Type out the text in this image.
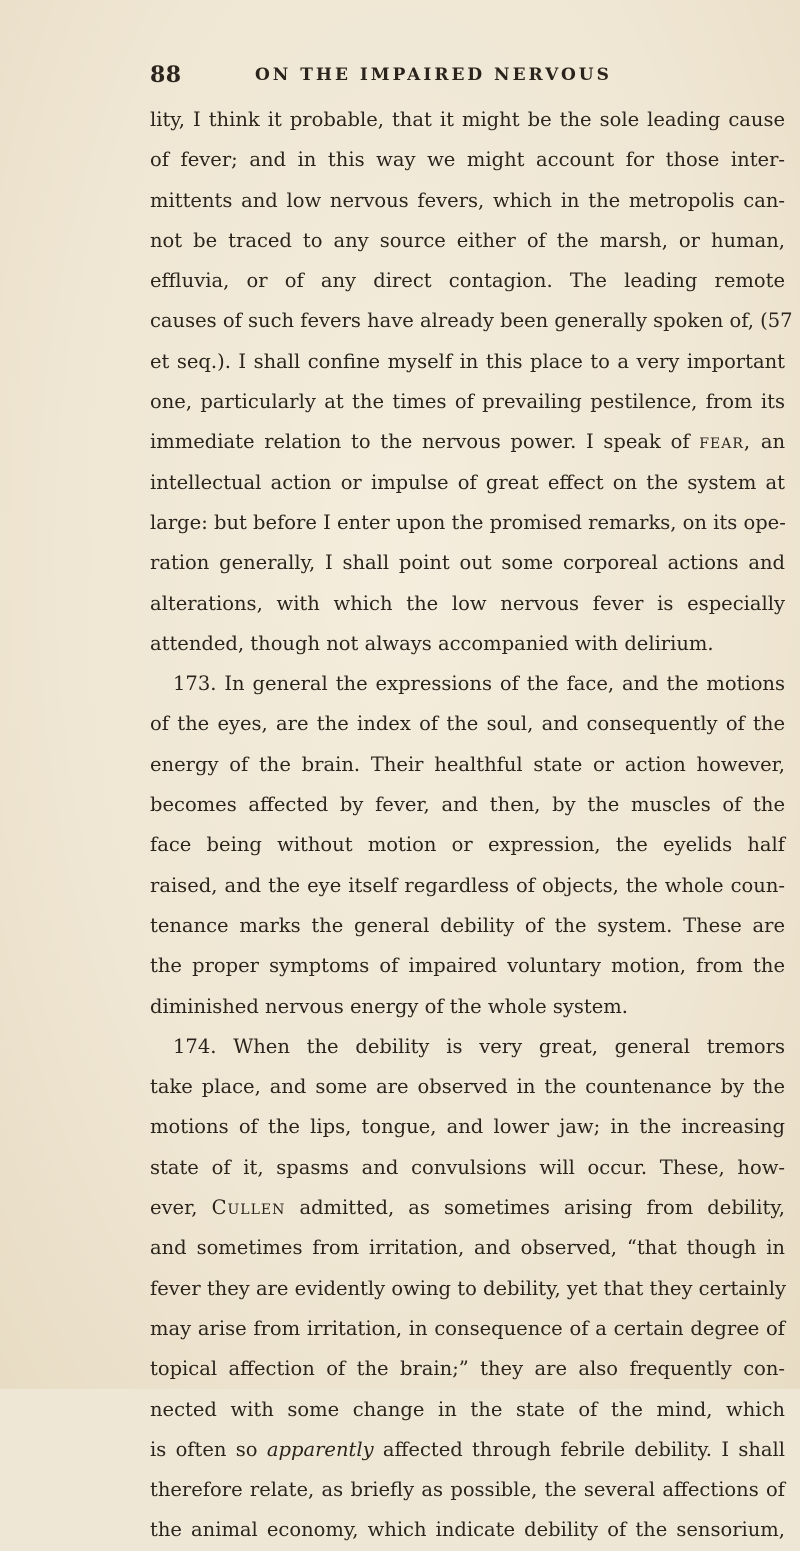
88	ON THE IMPAIRED NERVOUS
lity, I think it probable, that it might be the sole leading cause
of fever; and in this way we might account for those inter-
mittents and low nervous fevers, which in the metropolis can-
not be traced to any source either of the marsh, or human,
effluvia, or of any direct contagion. The leading remote
causes of such fevers have already been generally spoken of, (57
et seq.). I shall confine myself in this place to a very important
one, particularly at the times of prevailing pestilence, from its
immediate relation to the nervous power. I speak of fear, an
intellectual action or impulse of great effect on the system at
large: but before I enter upon the promised remarks, on its ope-
ration generally, I shall point out some corporeal actions and
alterations, with which the low nervous fever is especially
attended, though not always accompanied with delirium.
173. In general the expressions of the face, and the motions
of the eyes, are the index of the soul, and consequently of the
energy of the brain. Their healthful state or action however,
becomes affected by fever, and then, by the muscles of the
face being without motion or expression, the eyelids half
raised, and the eye itself regardless of objects, the whole coun-
tenance marks the general debility of the system. These are
the proper symptoms of impaired voluntary motion, from the
diminished nervous energy of the whole system.
174. When the debility is very great, general tremors
take place, and some are observed in the countenance by the
motions of the lips, tongue, and lower jaw; in the increasing
state of it, spasms and convulsions will occur. These, how-
ever, Cullen admitted, as sometimes arising from debility,
and sometimes from irritation, and observed, “that though in
fever they are evidently owing to debility, yet that they certainly
may arise from irritation, in consequence of a certain degree of
topical affection of the brain;” they are also frequently con-
nected with some change in the state of the mind, which
is often so apparently affected through febrile debility. I shall
therefore relate, as briefly as possible, the several affections of
the animal economy, which indicate debility of the sensorium,
